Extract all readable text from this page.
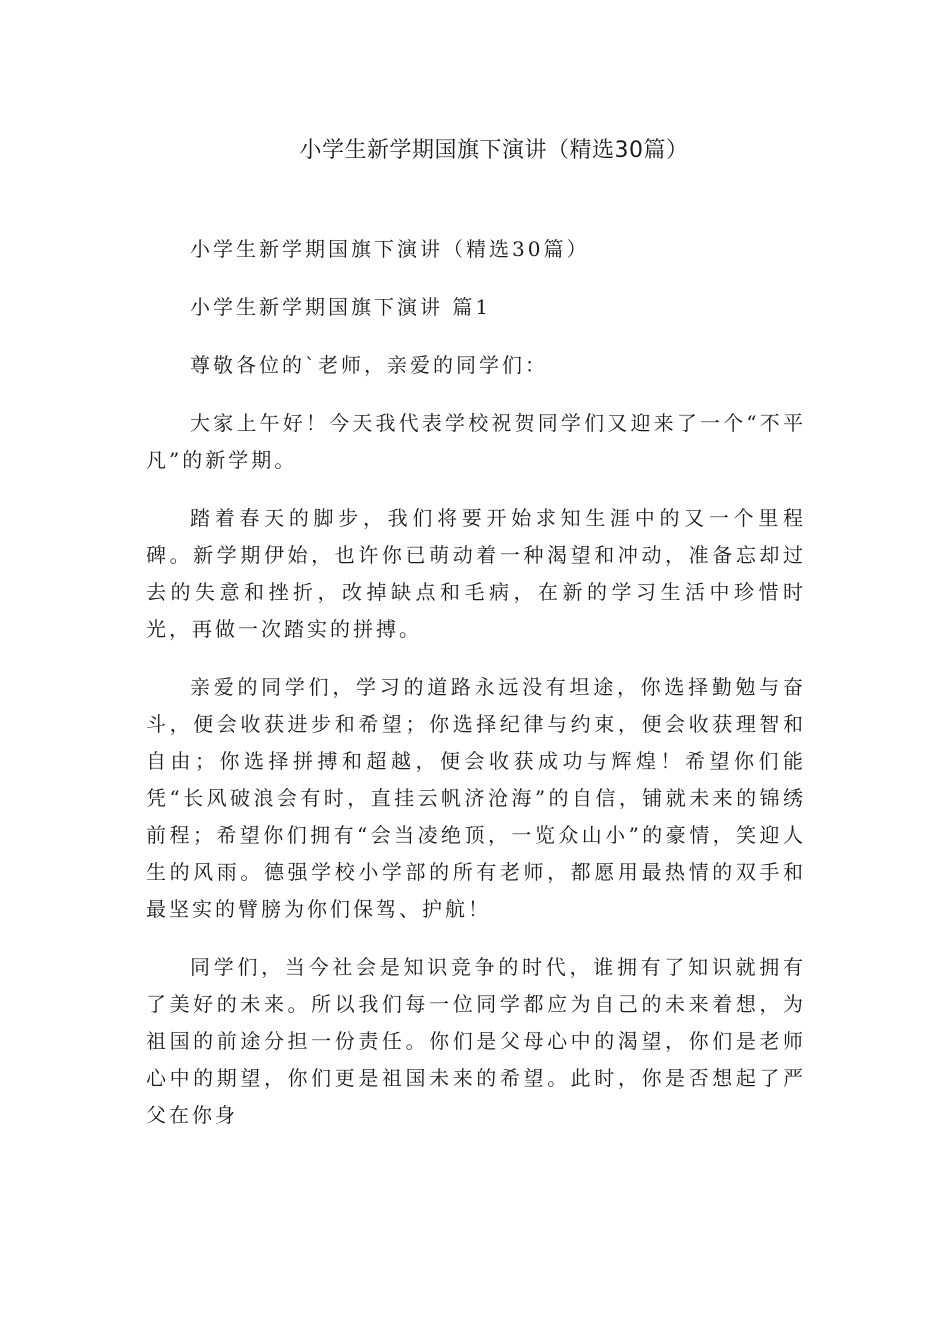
小学生新学期国旗下演讲（精选30篇）

小学生新学期国旗下演讲（精选30篇）

小学生新学期国旗下演讲 篇1

尊敬各位的`老师，亲爱的同学们：

大家上午好！今天我代表学校祝贺同学们又迎来了一个“不平凡”的新学期。

踏着春天的脚步，我们将要开始求知生涯中的又一个里程碑。新学期伊始，也许你已萌动着一种渴望和冲动，准备忘却过去的失意和挫折，改掉缺点和毛病，在新的学习生活中珍惜时光，再做一次踏实的拼搏。

亲爱的同学们，学习的道路永远没有坦途，你选择勤勉与奋斗，便会收获进步和希望；你选择纪律与约束，便会收获理智和自由；你选择拼搏和超越，便会收获成功与辉煌！希望你们能凭“长风破浪会有时，直挂云帆济沧海”的自信，铺就未来的锦绣前程；希望你们拥有“会当凌绝顶，一览众山小”的豪情，笑迎人生的风雨。德强学校小学部的所有老师，都愿用最热情的双手和最坚实的臂膀为你们保驾、护航！

同学们，当今社会是知识竞争的时代，谁拥有了知识就拥有了美好的未来。所以我们每一位同学都应为自己的未来着想，为祖国的前途分担一份责任。你们是父母心中的渴望，你们是老师心中的期望，你们更是祖国未来的希望。此时，你是否想起了严父在你身
